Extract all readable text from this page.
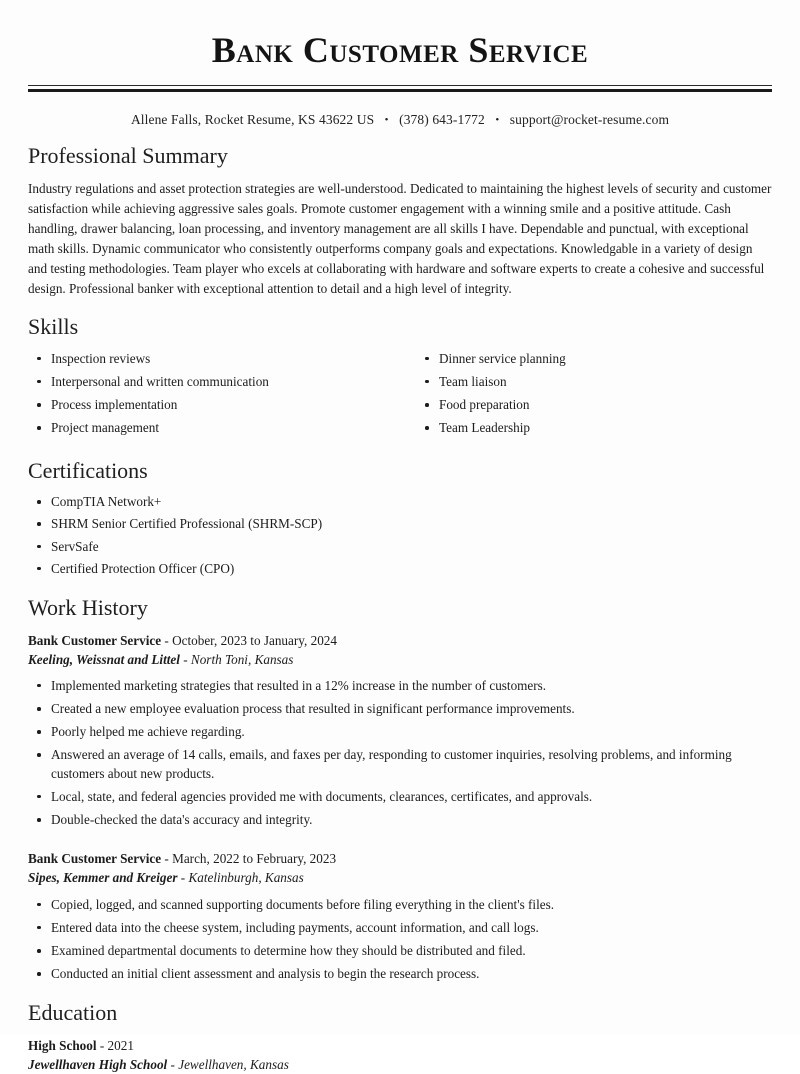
Bank Customer Service
Allene Falls, Rocket Resume, KS 43622 US • (378) 643-1772 • support@rocket-resume.com
Professional Summary

Industry regulations and asset protection strategies are well-understood. Dedicated to maintaining the highest levels of security and customer satisfaction while achieving aggressive sales goals. Promote customer engagement with a winning smile and a positive attitude. Cash handling, drawer balancing, loan processing, and inventory management are all skills I have. Dependable and punctual, with exceptional math skills. Dynamic communicator who consistently outperforms company goals and expectations. Knowledgable in a variety of design and testing methodologies. Team player who excels at collaborating with hardware and software experts to create a cohesive and successful design. Professional banker with exceptional attention to detail and a high level of integrity.

Skills
Inspection reviews
Interpersonal and written communication
Process implementation
Project management
Dinner service planning
Team liaison
Food preparation
Team Leadership
Certifications
CompTIA Network+
SHRM Senior Certified Professional (SHRM-SCP)
ServSafe
Certified Protection Officer (CPO)
Work History
Bank Customer Service - October, 2023 to January, 2024
Keeling, Weissnat and Littel - North Toni, Kansas
Implemented marketing strategies that resulted in a 12% increase in the number of customers.
Created a new employee evaluation process that resulted in significant performance improvements.
Poorly helped me achieve regarding.
Answered an average of 14 calls, emails, and faxes per day, responding to customer inquiries, resolving problems, and informing customers about new products.
Local, state, and federal agencies provided me with documents, clearances, certificates, and approvals.
Double-checked the data's accuracy and integrity.
Bank Customer Service - March, 2022 to February, 2023
Sipes, Kemmer and Kreiger - Katelinburgh, Kansas
Copied, logged, and scanned supporting documents before filing everything in the client's files.
Entered data into the cheese system, including payments, account information, and call logs.
Examined departmental documents to determine how they should be distributed and filed.
Conducted an initial client assessment and analysis to begin the research process.
Education
High School - 2021
Jewellhaven High School - Jewellhaven, Kansas
